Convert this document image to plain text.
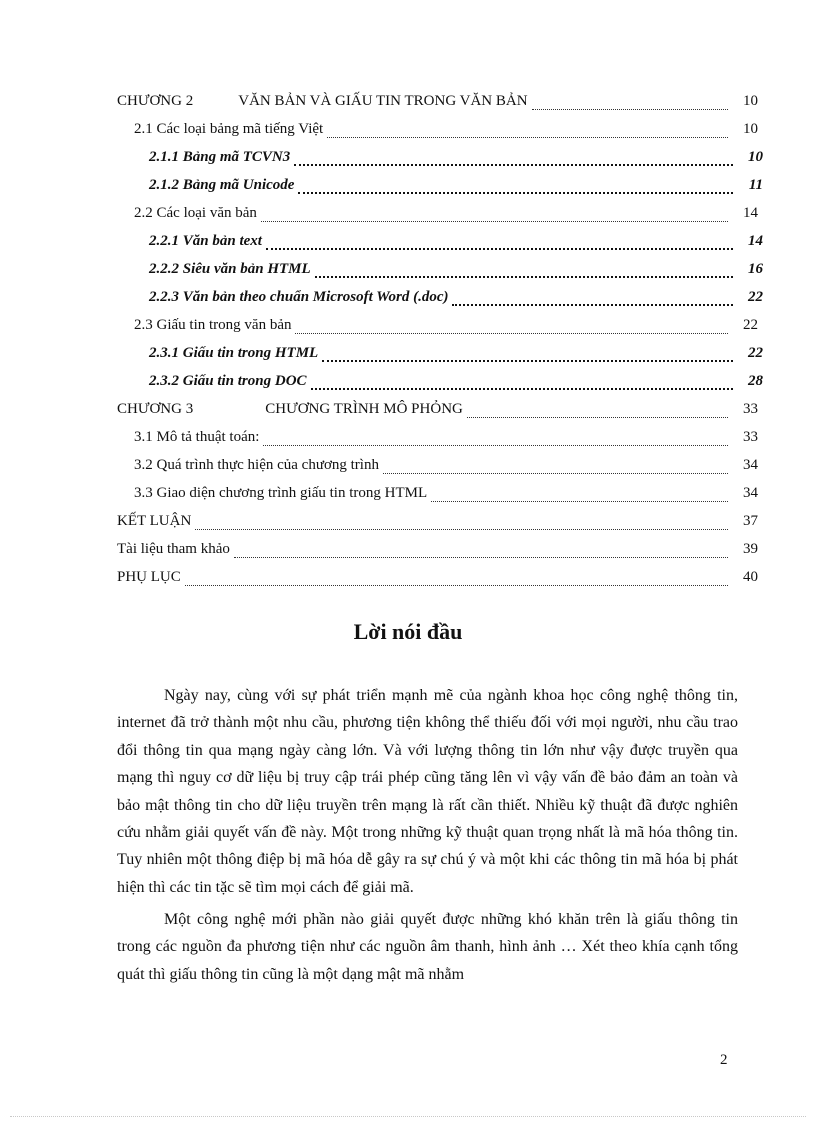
CHƯƠNG 2	VĂN BẢN VÀ GIẤU TIN TRONG VĂN BẢN	10
2.1 Các loại bảng mã tiếng Việt	10
2.1.1 Bảng mã TCVN3	10
2.1.2 Bảng mã Unicode	11
2.2 Các loại văn bản	14
2.2.1 Văn bản text	14
2.2.2 Siêu văn bản HTML	16
2.2.3 Văn bản theo chuẩn Microsoft Word (.doc)	22
2.3 Giấu tin trong văn bản	22
2.3.1 Giấu tin trong HTML	22
2.3.2 Giấu tin trong DOC	28
CHƯƠNG 3	CHƯƠNG TRÌNH MÔ PHỎNG	33
3.1 Mô tả thuật toán:	33
3.2 Quá trình thực hiện của chương trình	34
3.3 Giao diện chương trình giấu tin trong HTML	34
KẾT LUẬN	37
Tài liệu tham khảo	39
PHỤ LỤC	40
Lời nói đầu

Ngày nay, cùng với sự phát triển mạnh mẽ của ngành khoa học công nghệ thông tin, internet đã trở thành một nhu cầu, phương tiện không thể thiếu đối với mọi người, nhu cầu trao đổi thông tin qua mạng ngày càng lớn. Và với lượng thông tin lớn như vậy được truyền qua mạng thì nguy cơ dữ liệu bị truy cập trái phép cũng tăng lên vì vậy vấn đề bảo đảm an toàn và bảo mật thông tin cho dữ liệu truyền trên mạng là rất cần thiết. Nhiều kỹ thuật đã được nghiên cứu nhằm giải quyết vấn đề này. Một trong những kỹ thuật quan trọng nhất là mã hóa thông tin. Tuy nhiên một thông điệp bị mã hóa dễ gây ra sự chú ý và một khi các thông tin mã hóa bị phát hiện thì các tin tặc sẽ tìm mọi cách để giải mã.

Một công nghệ mới phần nào giải quyết được những khó khăn trên là giấu thông tin trong các nguồn đa phương tiện như các nguồn âm thanh, hình ảnh … Xét theo khía cạnh tổng quát thì giấu thông tin cũng là một dạng mật mã nhằm

2
